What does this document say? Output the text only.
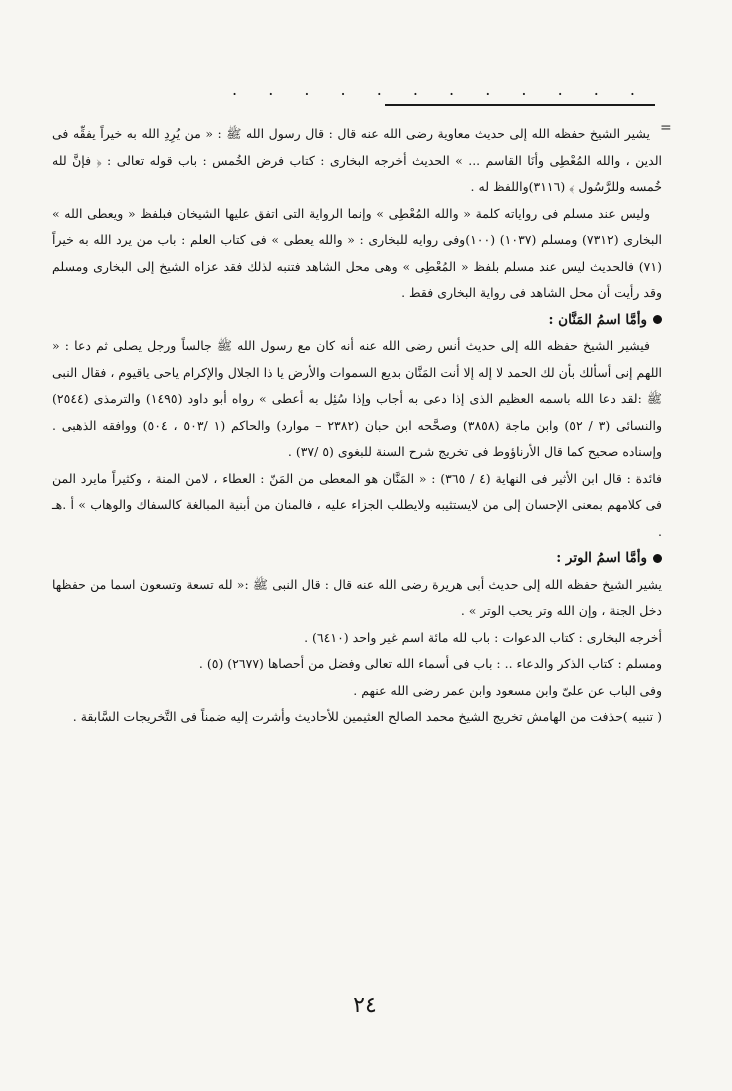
. . . . . . . . . . . .
=

يشير الشيخ حفظه الله إلى حديث معاوية رضى الله عنه قال : قال رسول الله ﷺ : « من يُرِدِ الله به خيراً يفقِّه فى الدين ، والله المُعْطِى وأنَا القاسم ... » الحديث أخرجه البخارى : كتاب فرض الخُمس : باب قوله تعالى : ﴿ فإنَّ لله خُمسه وللرَّسُول ﴾ (٣١١٦)واللفظ له .

وليس عند مسلم فى رواياته كلمة « والله المُعْطِى » وإنما الرواية التى اتفق عليها الشيخان فبلفظ « ويعطى الله » البخارى (٧٣١٢) ومسلم (١٠٣٧) (١٠٠)وفى روايه للبخارى : « والله يعطى » فى كتاب العلم : باب من يرد الله به خيراً (٧١) فالحديث ليس عند مسلم بلفظ « المُعْطِى » وهى محل الشاهد فتنبه لذلك فقد عزاه الشيخ إلى البخارى ومسلم وقد رأيت أن محل الشاهد فى رواية البخارى فقط .

وأمَّا اسمُ المَنَّان :

فيشير الشيخ حفظه الله إلى حديث أنس رضى الله عنه أنه كان مع رسول الله ﷺ جالساً ورجل يصلى ثم دعا : « اللهم إنى أسألك بأن لك الحمد لا إله إلا أنت المَنَّان بديع السموات والأرض يا ذا الجلال والإكرام ياحى ياقيوم ، فقال النبى ﷺ :لقد دعا الله باسمه العظيم الذى إذا دعى به أجاب وإذا سُئِل به أعطى » رواه أبو داود (١٤٩٥) والترمذى (٢٥٤٤) والنسائى (٣ / ٥٢) وابن ماجة (٣٨٥٨) وصحَّحه ابن حبان (٢٣٨٢ – موارد) والحاكم (١ /٥٠٣ ، ٥٠٤) ووافقه الذهبى . وإسناده صحيح كما قال الأرناؤوط فى تخريج شرح السنة للبغوى (٥ /٣٧) .

فائدة : قال ابن الأثير فى النهاية (٤ / ٣٦٥) : « المَنَّان هو المعطى من المَنّ : العطاء ، لامن المنة ، وكثيراً مايرد المن فى كلامهم بمعنى الإحسان إلى من لايستثيبه ولايطلب الجزاء عليه ، فالمنان من أبنية المبالغة كالسفاك والوهاب » أ .هـ .

وأمَّا اسمُ الوتر :

يشير الشيخ حفظه الله إلى حديث أبى هريرة رضى الله عنه قال : قال النبى ﷺ :« لله تسعة وتسعون اسما من حفظها دخل الجنة ، وإن الله وتر يحب الوتر » .

أخرجه البخارى : كتاب الدعوات : باب لله مائة اسم غير واحد (٦٤١٠) .

ومسلم : كتاب الذكر والدعاء .. : باب فى أسماء الله تعالى وفضل من أحصاها (٢٦٧٧) (٥) .

وفى الباب عن علىّ وابن مسعود وابن عمر رضى الله عنهم .

( تنبيه )حذفت من الهامش تخريج الشيخ محمد الصالح العثيمين للأحاديث وأشرت إليه ضمناً فى التَّخريجات السَّابقة .

٢٤
